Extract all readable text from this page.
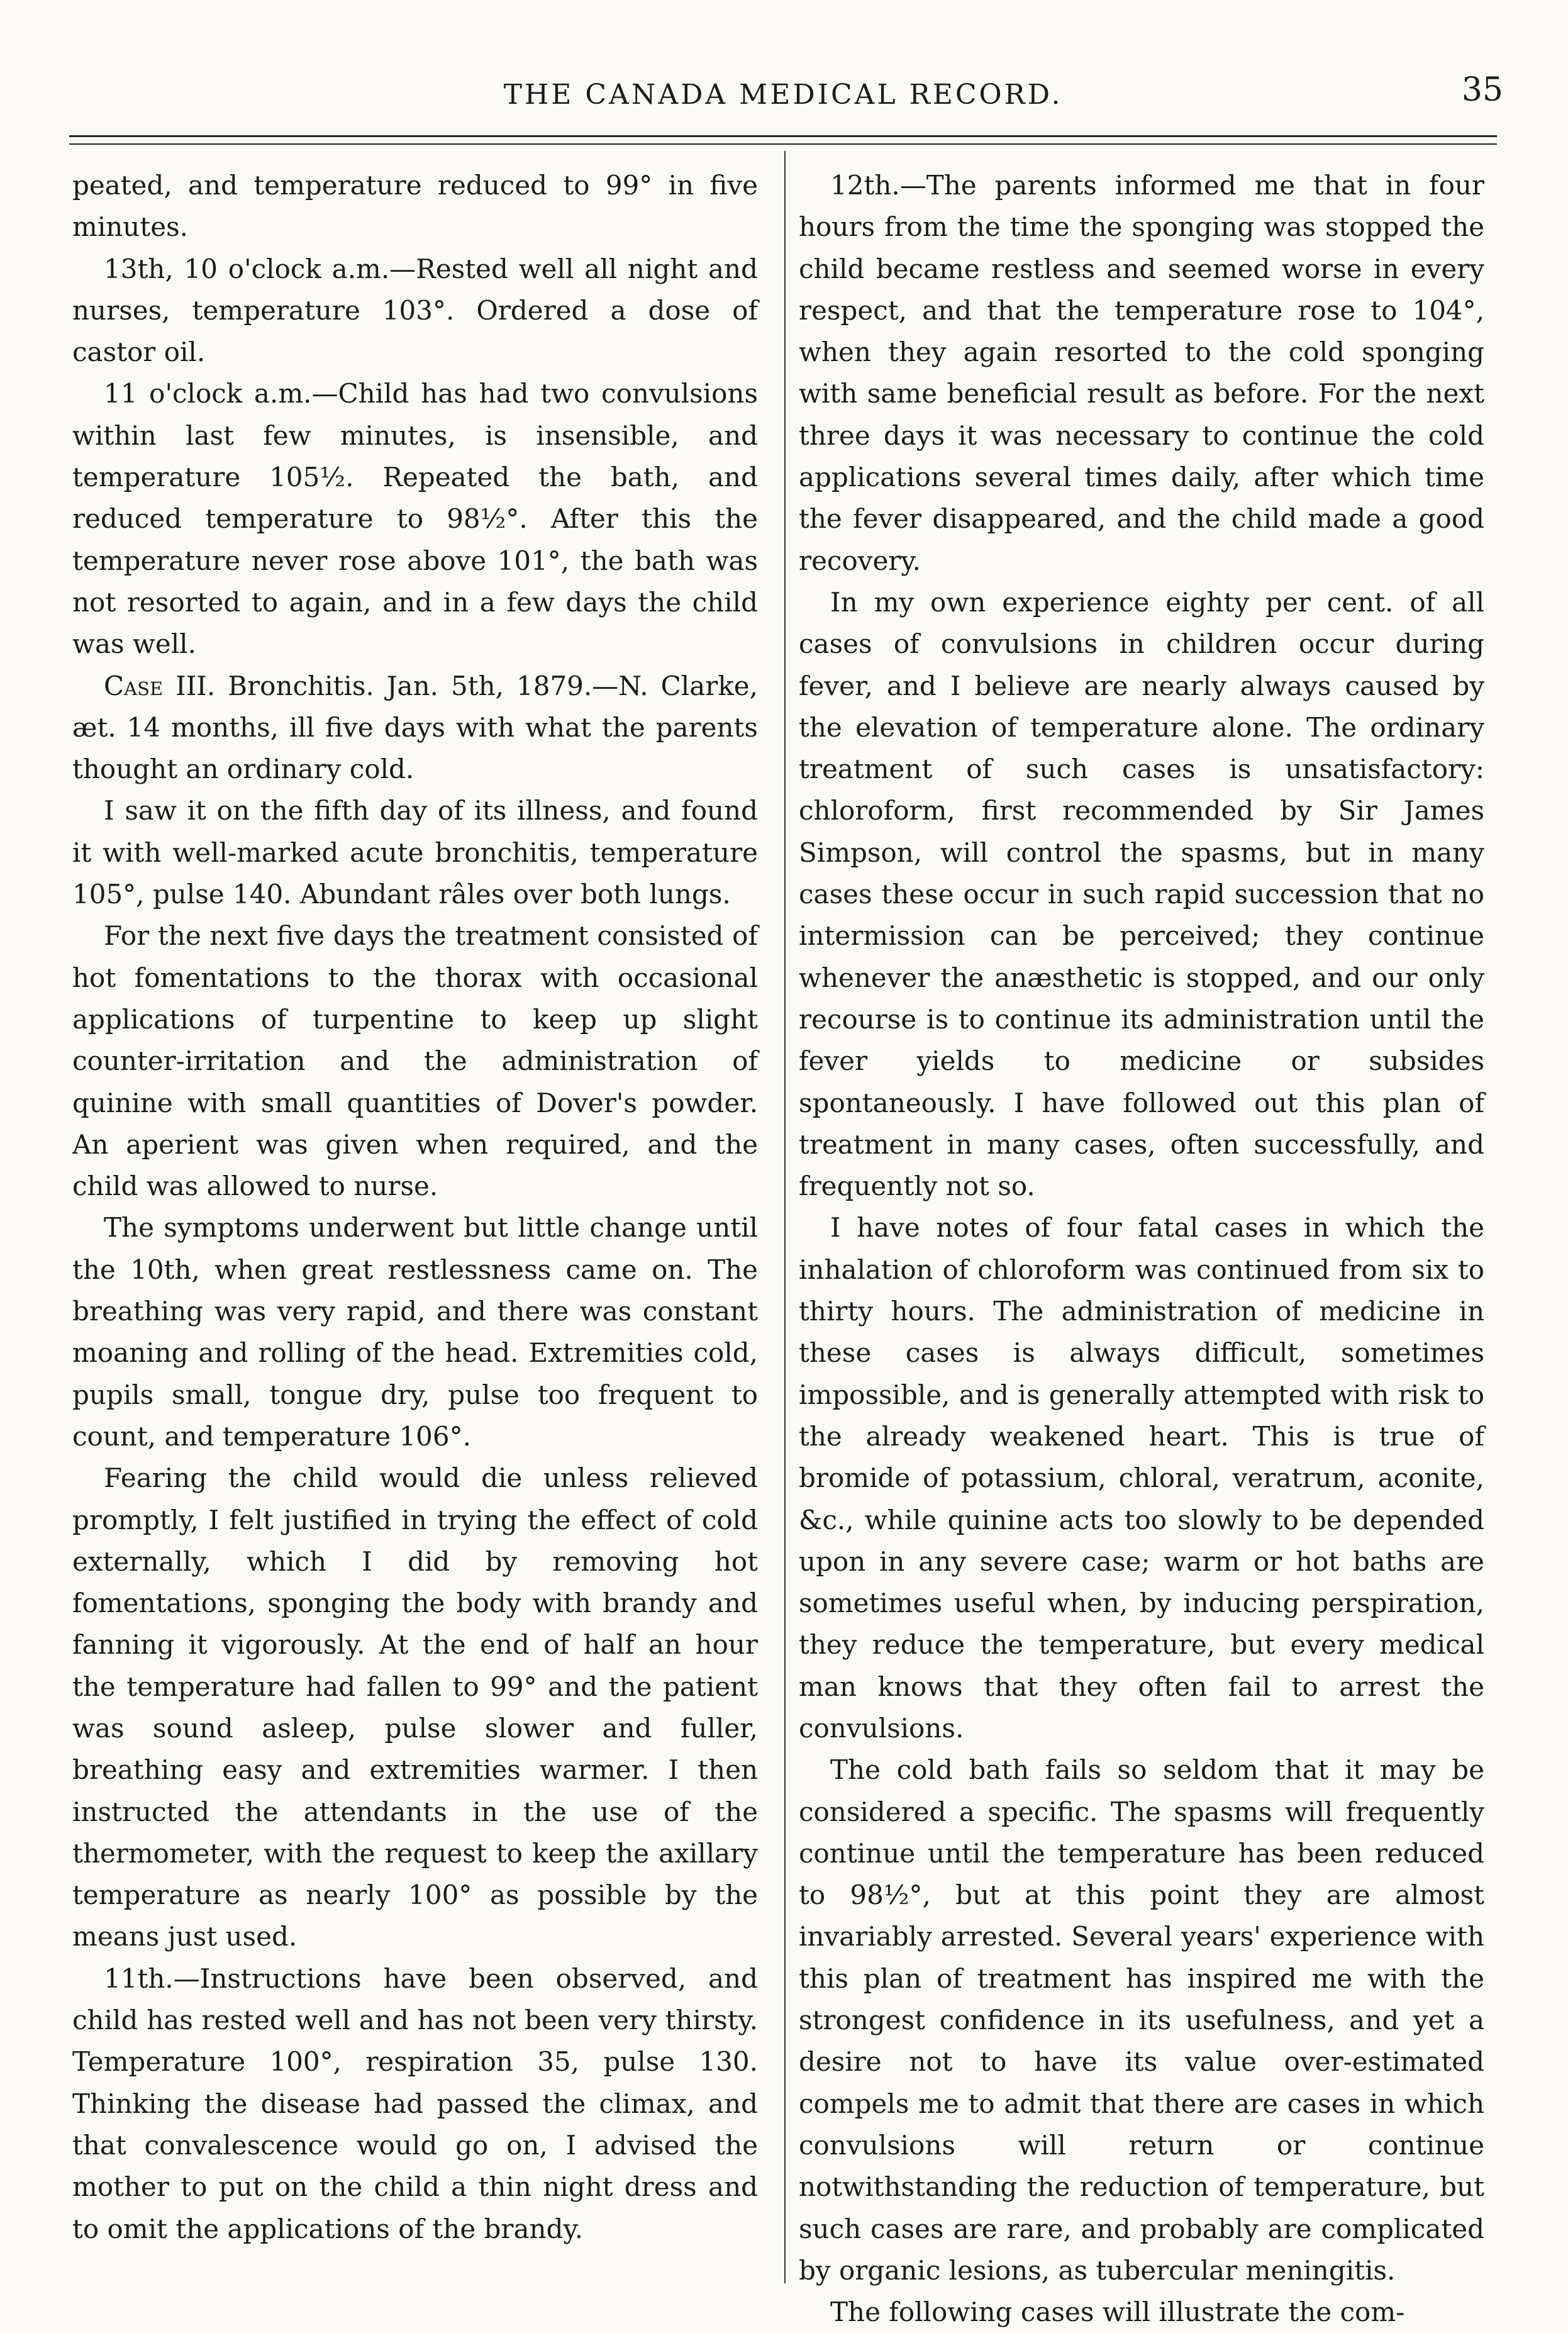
THE CANADA MEDICAL RECORD.	35

peated, and temperature reduced to 99° in five minutes.

13th, 10 o'clock a.m.—Rested well all night and nurses, temperature 103°. Ordered a dose of castor oil.

11 o'clock a.m.—Child has had two convulsions within last few minutes, is insensible, and temperature 105½. Repeated the bath, and reduced temperature to 98½°. After this the temperature never rose above 101°, the bath was not resorted to again, and in a few days the child was well.

Case III. Bronchitis. Jan. 5th, 1879.—N. Clarke, æt. 14 months, ill five days with what the parents thought an ordinary cold.

I saw it on the fifth day of its illness, and found it with well-marked acute bronchitis, temperature 105°, pulse 140. Abundant râles over both lungs.

For the next five days the treatment consisted of hot fomentations to the thorax with occasional applications of turpentine to keep up slight counter-irritation and the administration of quinine with small quantities of Dover's powder. An aperient was given when required, and the child was allowed to nurse.

The symptoms underwent but little change until the 10th, when great restlessness came on. The breathing was very rapid, and there was constant moaning and rolling of the head. Extremities cold, pupils small, tongue dry, pulse too frequent to count, and temperature 106°.

Fearing the child would die unless relieved promptly, I felt justified in trying the effect of cold externally, which I did by removing hot fomentations, sponging the body with brandy and fanning it vigorously. At the end of half an hour the temperature had fallen to 99° and the patient was sound asleep, pulse slower and fuller, breathing easy and extremities warmer. I then instructed the attendants in the use of the thermometer, with the request to keep the axillary temperature as nearly 100° as possible by the means just used.

11th.—Instructions have been observed, and child has rested well and has not been very thirsty. Temperature 100°, respiration 35, pulse 130. Thinking the disease had passed the climax, and that convalescence would go on, I advised the mother to put on the child a thin night dress and to omit the applications of the brandy.

12th.—The parents informed me that in four hours from the time the sponging was stopped the child became restless and seemed worse in every respect, and that the temperature rose to 104°, when they again resorted to the cold sponging with same beneficial result as before. For the next three days it was necessary to continue the cold applications several times daily, after which time the fever disappeared, and the child made a good recovery.

In my own experience eighty per cent. of all cases of convulsions in children occur during fever, and I believe are nearly always caused by the elevation of temperature alone. The ordinary treatment of such cases is unsatisfactory: chloroform, first recommended by Sir James Simpson, will control the spasms, but in many cases these occur in such rapid succession that no intermission can be perceived; they continue whenever the anæsthetic is stopped, and our only recourse is to continue its administration until the fever yields to medicine or subsides spontaneously. I have followed out this plan of treatment in many cases, often successfully, and frequently not so.

I have notes of four fatal cases in which the inhalation of chloroform was continued from six to thirty hours. The administration of medicine in these cases is always difficult, sometimes impossible, and is generally attempted with risk to the already weakened heart. This is true of bromide of potassium, chloral, veratrum, aconite, &c., while quinine acts too slowly to be depended upon in any severe case; warm or hot baths are sometimes useful when, by inducing perspiration, they reduce the temperature, but every medical man knows that they often fail to arrest the convulsions.

The cold bath fails so seldom that it may be considered a specific. The spasms will frequently continue until the temperature has been reduced to 98½°, but at this point they are almost invariably arrested. Several years' experience with this plan of treatment has inspired me with the strongest confidence in its usefulness, and yet a desire not to have its value over-estimated compels me to admit that there are cases in which convulsions will return or continue notwithstanding the reduction of temperature, but such cases are rare, and probably are complicated by organic lesions, as tubercular meningitis.

The following cases will illustrate the com-
